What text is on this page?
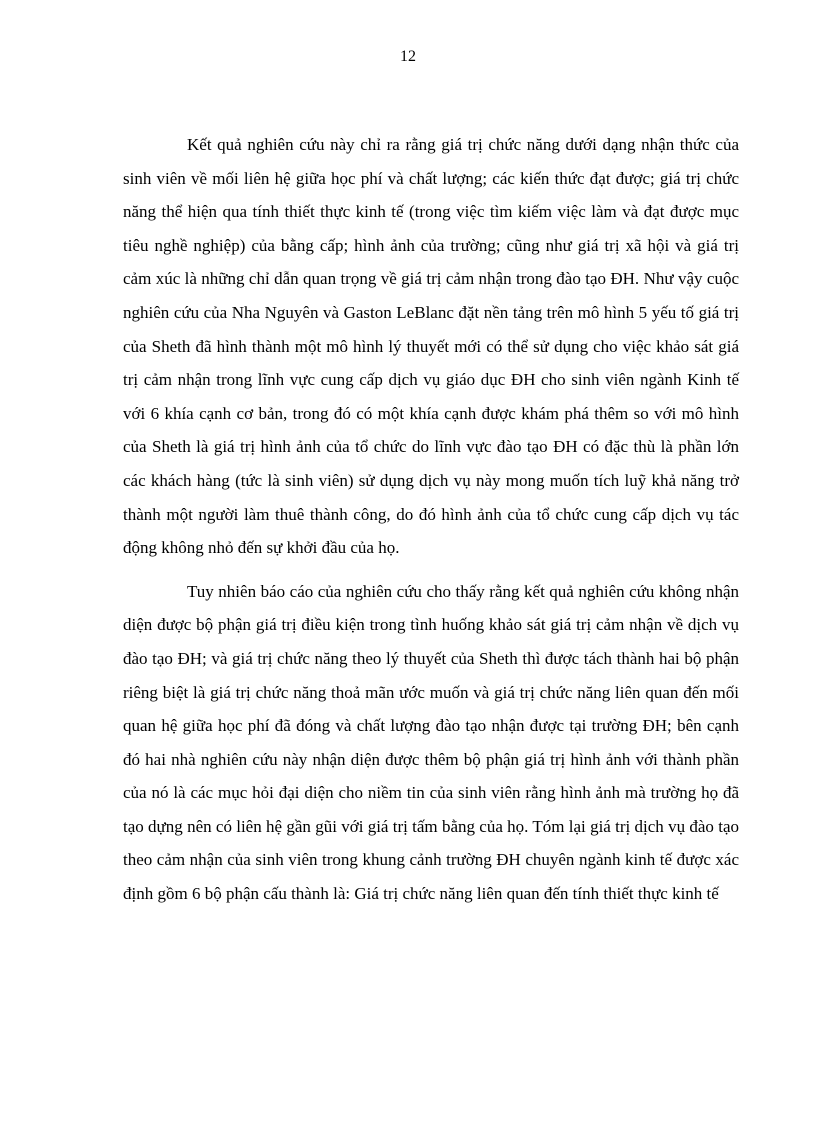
12

Kết quả nghiên cứu này chỉ ra rằng giá trị chức năng dưới dạng nhận thức của sinh viên về mối liên hệ giữa học phí và chất lượng; các kiến thức đạt được; giá trị chức năng thể hiện qua tính thiết thực kinh tế (trong việc tìm kiếm việc làm và đạt được mục tiêu nghề nghiệp) của bằng cấp; hình ảnh của trường; cũng như giá trị xã hội và giá trị cảm xúc là những chỉ dẫn quan trọng về giá trị cảm nhận trong đào tạo ĐH. Như vậy cuộc nghiên cứu của Nha Nguyên và Gaston LeBlanc đặt nền tảng trên mô hình 5 yếu tố giá trị của Sheth đã hình thành một mô hình lý thuyết mới có thể sử dụng cho việc khảo sát giá trị cảm nhận trong lĩnh vực cung cấp dịch vụ giáo dục ĐH cho sinh viên ngành Kinh tế với 6 khía cạnh cơ bản, trong đó có một khía cạnh được khám phá thêm so với mô hình của Sheth là giá trị hình ảnh của tổ chức do lĩnh vực đào tạo ĐH có đặc thù là phần lớn các khách hàng (tức là sinh viên) sử dụng dịch vụ này mong muốn tích luỹ khả năng trở thành một người làm thuê thành công, do đó hình ảnh của tổ chức cung cấp dịch vụ tác động không nhỏ đến sự khởi đầu của họ.

Tuy nhiên báo cáo của nghiên cứu cho thấy rằng kết quả nghiên cứu không nhận diện được bộ phận giá trị điều kiện trong tình huống khảo sát giá trị cảm nhận về dịch vụ đào tạo ĐH; và giá trị chức năng theo lý thuyết của Sheth thì được tách thành hai bộ phận riêng biệt là giá trị chức năng thoả mãn ước muốn và giá trị chức năng liên quan đến mối quan hệ giữa học phí đã đóng và chất lượng đào tạo nhận được tại trường ĐH; bên cạnh đó hai nhà nghiên cứu này nhận diện được thêm bộ phận giá trị hình ảnh với thành phần của nó là các mục hỏi đại diện cho niềm tin của sinh viên rằng hình ảnh mà trường họ đã tạo dựng nên có liên hệ gần gũi với giá trị tấm bằng của họ. Tóm lại giá trị dịch vụ đào tạo theo cảm nhận của sinh viên trong khung cảnh trường ĐH chuyên ngành kinh tế được xác định gồm 6 bộ phận cấu thành là: Giá trị chức năng liên quan đến tính thiết thực kinh tế
